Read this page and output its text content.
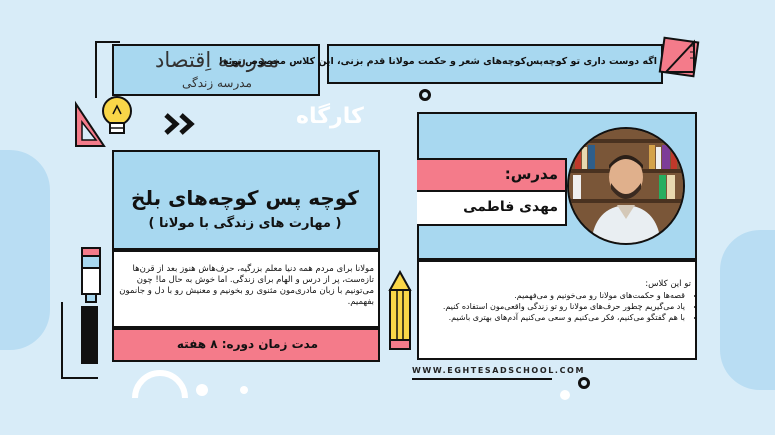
مدرسه اِقتصاد
مدرسه زندگی
اگه دوست داری تو کوچه‌پس‌کوچه‌های شعر و حکمت مولانا قدم بزنی، این کلاس مخصوص توئه!
کارگاه
کوچه پس کوچه‌های بلخ
( مهارت های زندگی با مولانا )
مولانا برای مردم همه دنیا معلم بزرگیه، حرف‌هاش هنوز بعد از قرن‌ها تازه‌ست، پر از درس و الهام برای زندگی. اما خوش به حال ما! چون می‌تونیم با زبان مادری‌مون مثنوی رو بخونیم و معنیش رو با دل و جانمون بفهمیم.
مدت زمان دوره: ۸ هفته
مدرس:
مهدی فاطمی
تو این کلاس:
• قصه‌ها و حکمت‌های مولانا رو می‌خونیم و می‌فهمیم.
• یاد می‌گیریم چطور حرف‌های مولانا رو تو زندگی واقعی‌مون استفاده کنیم.
• با هم گفتگو می‌کنیم، فکر می‌کنیم و سعی می‌کنیم آدم‌های بهتری باشیم.
WWW.EGHTESADSCHOOL.COM
